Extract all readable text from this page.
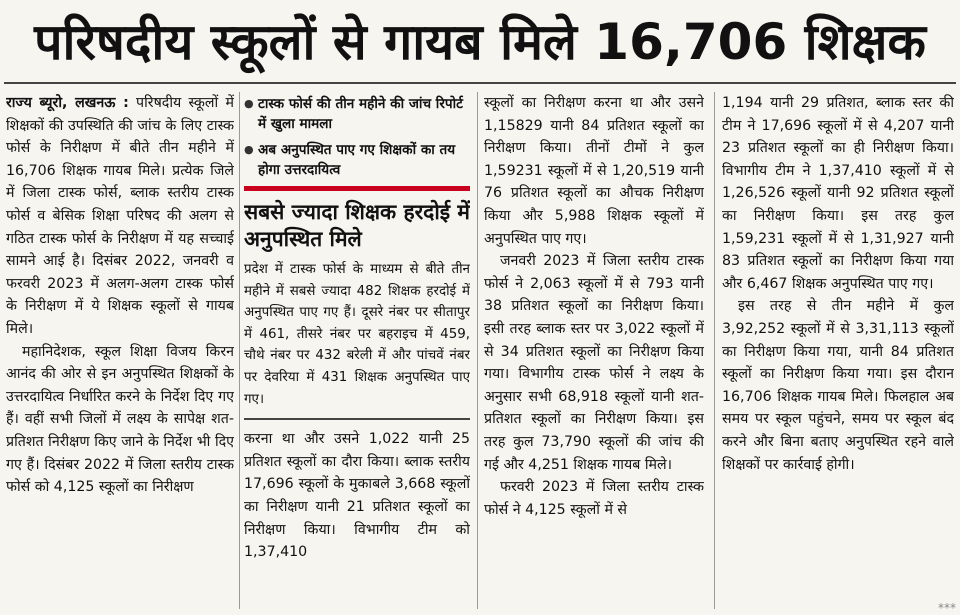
परिषदीय स्कूलों से गायब मिले 16,706 शिक्षक

राज्य ब्यूरो, लखनऊ : परिषदीय स्कूलों में शिक्षकों की उपस्थिति की जांच के लिए टास्क फोर्स के निरीक्षण में बीते तीन महीने में 16,706 शिक्षक गायब मिले। प्रत्येक जिले में जिला टास्क फोर्स, ब्लाक स्तरीय टास्क फोर्स व बेसिक शिक्षा परिषद की अलग से गठित टास्क फोर्स के निरीक्षण में यह सच्चाई सामने आई है। दिसंबर 2022, जनवरी व फरवरी 2023 में अलग-अलग टास्क फोर्स के निरीक्षण में ये शिक्षक स्कूलों से गायब मिले।

महानिदेशक, स्कूल शिक्षा विजय किरन आनंद की ओर से इन अनुपस्थित शिक्षकों के उत्तरदायित्व निर्धारित करने के निर्देश दिए गए हैं। वहीं सभी जिलों में लक्ष्य के सापेक्ष शत-प्रतिशत निरीक्षण किए जाने के निर्देश भी दिए गए हैं। दिसंबर 2022 में जिला स्तरीय टास्क फोर्स को 4,125 स्कूलों का निरीक्षण

● टास्क फोर्स की तीन महीने की जांच रिपोर्ट में खुला मामला
● अब अनुपस्थित पाए गए शिक्षकों का तय होगा उत्तरदायित्व
सबसे ज्यादा शिक्षक हरदोई में अनुपस्थित मिले
प्रदेश में टास्क फोर्स के माध्यम से बीते तीन महीने में सबसे ज्यादा 482 शिक्षक हरदोई में अनुपस्थित पाए गए हैं। दूसरे नंबर पर सीतापुर में 461, तीसरे नंबर पर बहराइच में 459, चौथे नंबर पर 432 बरेली में और पांचवें नंबर पर देवरिया में 431 शिक्षक अनुपस्थित पाए गए।
करना था और उसने 1,022 यानी 25 प्रतिशत स्कूलों का दौरा किया। ब्लाक स्तरीय 17,696 स्कूलों के मुकाबले 3,668 स्कूलों का निरीक्षण यानी 21 प्रतिशत स्कूलों का निरीक्षण किया। विभागीय टीम को 1,37,410

स्कूलों का निरीक्षण करना था और उसने 1,15829 यानी 84 प्रतिशत स्कूलों का निरीक्षण किया। तीनों टीमों ने कुल 1,59231 स्कूलों में से 1,20,519 यानी 76 प्रतिशत स्कूलों का औचक निरीक्षण किया और 5,988 शिक्षक स्कूलों में अनुपस्थित पाए गए।

जनवरी 2023 में जिला स्तरीय टास्क फोर्स ने 2,063 स्कूलों में से 793 यानी 38 प्रतिशत स्कूलों का निरीक्षण किया। इसी तरह ब्लाक स्तर पर 3,022 स्कूलों में से 34 प्रतिशत स्कूलों का निरीक्षण किया गया। विभागीय टास्क फोर्स ने लक्ष्य के अनुसार सभी 68,918 स्कूलों यानी शत-प्रतिशत स्कूलों का निरीक्षण किया। इस तरह कुल 73,790 स्कूलों की जांच की गई और 4,251 शिक्षक गायब मिले।

फरवरी 2023 में जिला स्तरीय टास्क फोर्स ने 4,125 स्कूलों में से

1,194 यानी 29 प्रतिशत, ब्लाक स्तर की टीम ने 17,696 स्कूलों में से 4,207 यानी 23 प्रतिशत स्कूलों का ही निरीक्षण किया। विभागीय टीम ने 1,37,410 स्कूलों में से 1,26,526 स्कूलों यानी 92 प्रतिशत स्कूलों का निरीक्षण किया। इस तरह कुल 1,59,231 स्कूलों में से 1,31,927 यानी 83 प्रतिशत स्कूलों का निरीक्षण किया गया और 6,467 शिक्षक अनुपस्थित पाए गए।

इस तरह से तीन महीने में कुल 3,92,252 स्कूलों में से 3,31,113 स्कूलों का निरीक्षण किया गया, यानी 84 प्रतिशत स्कूलों का निरीक्षण किया गया। इस दौरान 16,706 शिक्षक गायब मिले। फिलहाल अब समय पर स्कूल पहुंचने, समय पर स्कूल बंद करने और बिना बताए अनुपस्थित रहने वाले शिक्षकों पर कार्रवाई होगी।

***
